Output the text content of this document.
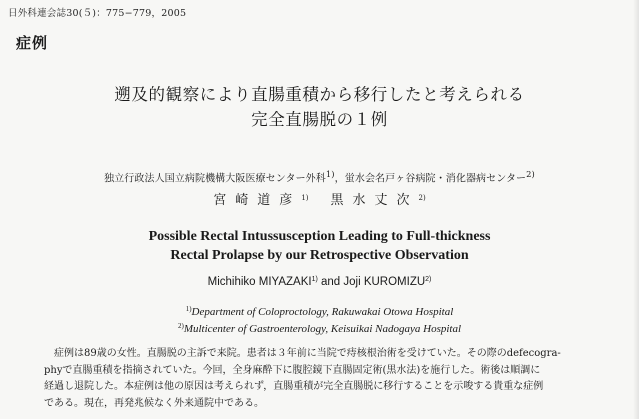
日外科連会誌30(５)：775−779，2005
症例
遡及的観察により直腸重積から移行したと考えられる
完全直腸脱の１例
独立行政法人国立病院機構大阪医療センター外科$^{1)}$，蛍水会名戸ヶ谷病院・消化器病センター$^{2)}$
宮崎道彦$^{1)}$ 黒水丈次$^{2)}$
Possible Rectal Intussusception Leading to Full-thickness
Rectal Prolapse by our Retrospective Observation
Michihiko MIYAZAKI$^{1)}$ and Joji KUROMIZU$^{2)}$
$^{1)}$Department of Coloproctology, Rakuwakai Otowa Hospital
$^{2)}$Multicenter of Gastroenterology, Keisuikai Nadogaya Hospital
症例は89歳の女性。直腸脱の主訴で来院。患者は３年前に当院で痔核根治術を受けていた。その際のdefecogra-
phyで直腸重積を指摘されていた。今回，全身麻酔下に腹腔鏡下直腸固定術(黒水法)を施行した。術後は順調に
経過し退院した。本症例は他の原因は考えられず，直腸重積が完全直腸脱に移行することを示唆する貴重な症例
である。現在，再発兆候なく外来通院中である。
